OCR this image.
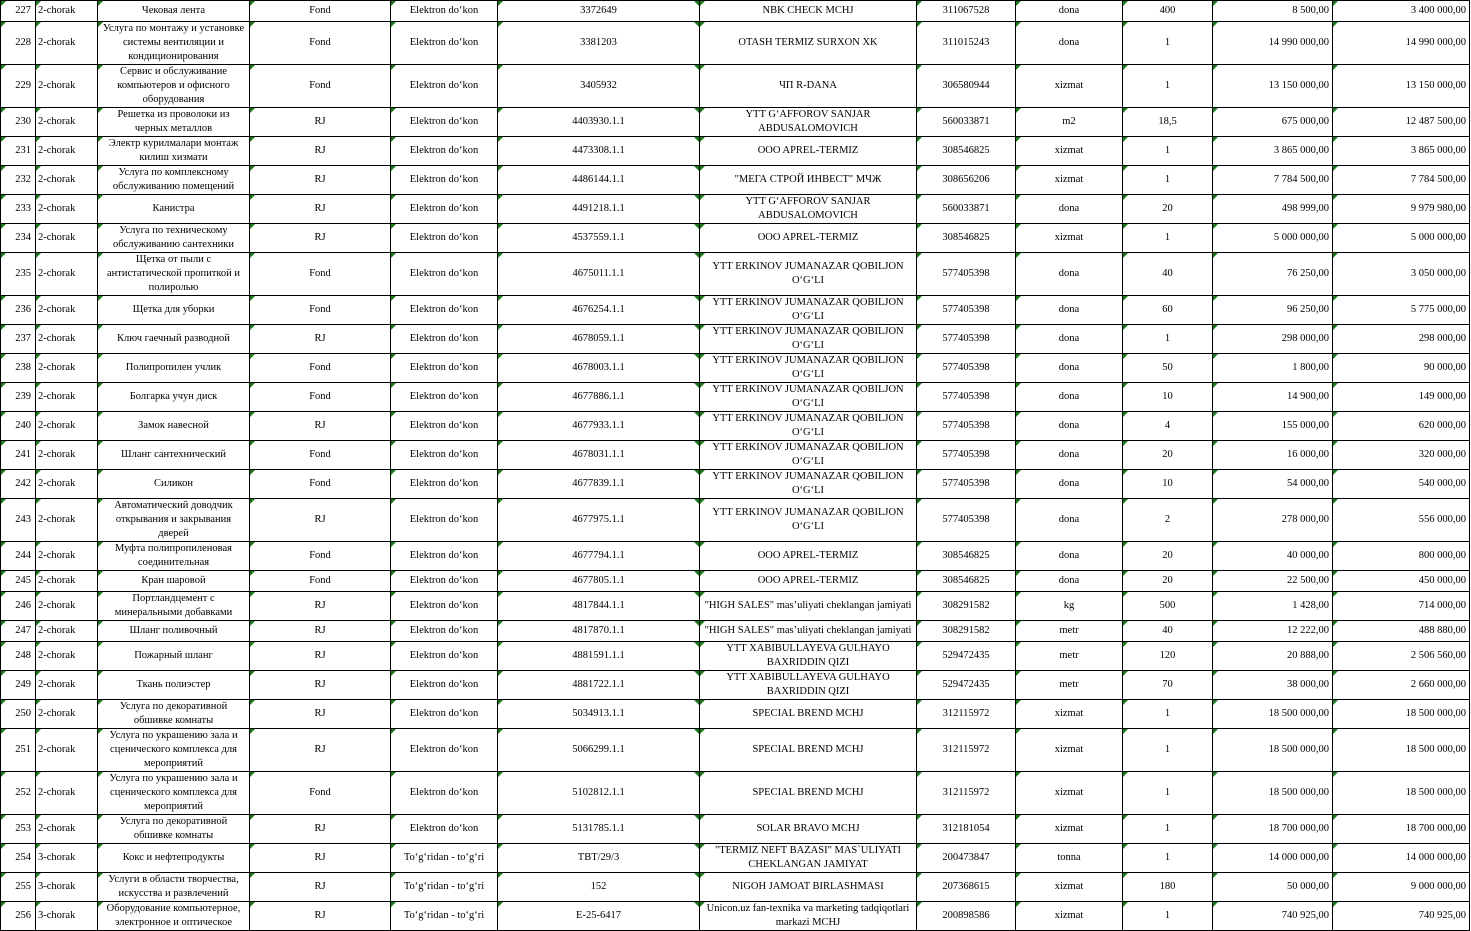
227	2-chorak	Чековая лента	Fond	Elektron do‘kon	3372649	NBK CHECK MCHJ	311067528	dona	400	8 500,00	3 400 000,00
228	2-chorak	Услуга по монтажу и установке системы вентиляции и кондиционирования	Fond	Elektron do‘kon	3381203	OTASH TERMIZ SURXON XK	311015243	dona	1	14 990 000,00	14 990 000,00
229	2-chorak	Сервис и обслуживание компьютеров и офисного оборудования	Fond	Elektron do‘kon	3405932	ЧП R-DANA	306580944	xizmat	1	13 150 000,00	13 150 000,00
230	2-chorak	Решетка из проволоки из черных металлов	RJ	Elektron do‘kon	4403930.1.1	YTT G‘AFFOROV SANJAR ABDUSALOMOVICH	560033871	m2	18,5	675 000,00	12 487 500,00
231	2-chorak	Электр курилмалари монтаж килиш хизмати	RJ	Elektron do‘kon	4473308.1.1	OOO APREL-TERMIZ	308546825	xizmat	1	3 865 000,00	3 865 000,00
232	2-chorak	Услуга по комплексному обслуживанию помещений	RJ	Elektron do‘kon	4486144.1.1	"МЕГА СТРОЙ ИНВЕСТ" МЧЖ	308656206	xizmat	1	7 784 500,00	7 784 500,00
233	2-chorak	Канистра	RJ	Elektron do‘kon	4491218.1.1	YTT G‘AFFOROV SANJAR ABDUSALOMOVICH	560033871	dona	20	498 999,00	9 979 980,00
234	2-chorak	Услуга по техническому обслуживанию сантехники	RJ	Elektron do‘kon	4537559.1.1	OOO APREL-TERMIZ	308546825	xizmat	1	5 000 000,00	5 000 000,00
235	2-chorak	Щетка от пыли с антистатической пропиткой и полиролью	Fond	Elektron do‘kon	4675011.1.1	YTT ERKINOV JUMANAZAR QOBILJON O‘G‘LI	577405398	dona	40	76 250,00	3 050 000,00
236	2-chorak	Щетка для уборки	Fond	Elektron do‘kon	4676254.1.1	YTT ERKINOV JUMANAZAR QOBILJON O‘G‘LI	577405398	dona	60	96 250,00	5 775 000,00
237	2-chorak	Ключ гаечный разводной	RJ	Elektron do‘kon	4678059.1.1	YTT ERKINOV JUMANAZAR QOBILJON O‘G‘LI	577405398	dona	1	298 000,00	298 000,00
238	2-chorak	Полипропилен учлик	Fond	Elektron do‘kon	4678003.1.1	YTT ERKINOV JUMANAZAR QOBILJON O‘G‘LI	577405398	dona	50	1 800,00	90 000,00
239	2-chorak	Болгарка учун диск	Fond	Elektron do‘kon	4677886.1.1	YTT ERKINOV JUMANAZAR QOBILJON O‘G‘LI	577405398	dona	10	14 900,00	149 000,00
240	2-chorak	Замок навесной	RJ	Elektron do‘kon	4677933.1.1	YTT ERKINOV JUMANAZAR QOBILJON O‘G‘LI	577405398	dona	4	155 000,00	620 000,00
241	2-chorak	Шланг сантехнический	Fond	Elektron do‘kon	4678031.1.1	YTT ERKINOV JUMANAZAR QOBILJON O‘G‘LI	577405398	dona	20	16 000,00	320 000,00
242	2-chorak	Силикон	Fond	Elektron do‘kon	4677839.1.1	YTT ERKINOV JUMANAZAR QOBILJON O‘G‘LI	577405398	dona	10	54 000,00	540 000,00
243	2-chorak	Автоматический доводчик открывания и закрывания дверей	RJ	Elektron do‘kon	4677975.1.1	YTT ERKINOV JUMANAZAR QOBILJON O‘G‘LI	577405398	dona	2	278 000,00	556 000,00
244	2-chorak	Муфта полипропиленовая соединительная	Fond	Elektron do‘kon	4677794.1.1	OOO APREL-TERMIZ	308546825	dona	20	40 000,00	800 000,00
245	2-chorak	Кран шаровой	Fond	Elektron do‘kon	4677805.1.1	OOO APREL-TERMIZ	308546825	dona	20	22 500,00	450 000,00
246	2-chorak	Портландцемент с минеральными добавками	RJ	Elektron do‘kon	4817844.1.1	"HIGH SALES" mas’uliyati cheklangan jamiyati	308291582	kg	500	1 428,00	714 000,00
247	2-chorak	Шланг поливочный	RJ	Elektron do‘kon	4817870.1.1	"HIGH SALES" mas’uliyati cheklangan jamiyati	308291582	metr	40	12 222,00	488 880,00
248	2-chorak	Пожарный шланг	RJ	Elektron do‘kon	4881591.1.1	YTT XABIBULLAYEVA GULHAYO BAXRIDDIN QIZI	529472435	metr	120	20 888,00	2 506 560,00
249	2-chorak	Ткань полиэстер	RJ	Elektron do‘kon	4881722.1.1	YTT XABIBULLAYEVA GULHAYO BAXRIDDIN QIZI	529472435	metr	70	38 000,00	2 660 000,00
250	2-chorak	Услуга по декоративной обшивке комнаты	RJ	Elektron do‘kon	5034913.1.1	SPECIAL BREND MCHJ	312115972	xizmat	1	18 500 000,00	18 500 000,00
251	2-chorak	Услуга по украшению зала и сценического комплекса для мероприятий	RJ	Elektron do‘kon	5066299.1.1	SPECIAL BREND MCHJ	312115972	xizmat	1	18 500 000,00	18 500 000,00
252	2-chorak	Услуга по украшению зала и сценического комплекса для мероприятий	Fond	Elektron do‘kon	5102812.1.1	SPECIAL BREND MCHJ	312115972	xizmat	1	18 500 000,00	18 500 000,00
253	2-chorak	Услуга по декоративной обшивке комнаты	RJ	Elektron do‘kon	5131785.1.1	SOLAR BRAVO MCHJ	312181054	xizmat	1	18 700 000,00	18 700 000,00
254	3-chorak	Кокс и нефтепродукты	RJ	To‘g‘ridan - to‘g‘ri	TBT/29/3	"TERMIZ NEFT BAZASI" MAS`ULIYATI CHEKLANGAN JAMIYAT	200473847	tonna	1	14 000 000,00	14 000 000,00
255	3-chorak	Услуги в области творчества, искусства и развлечений	RJ	To‘g‘ridan - to‘g‘ri	152	NIGOH JAMOAT BIRLASHMASI	207368615	xizmat	180	50 000,00	9 000 000,00
256	3-chorak	Оборудование компьютерное, электронное и оптическое	RJ	To‘g‘ridan - to‘g‘ri	E-25-6417	Unicon.uz fan-texnika va marketing tadqiqotlari markazi MCHJ	200898586	xizmat	1	740 925,00	740 925,00
